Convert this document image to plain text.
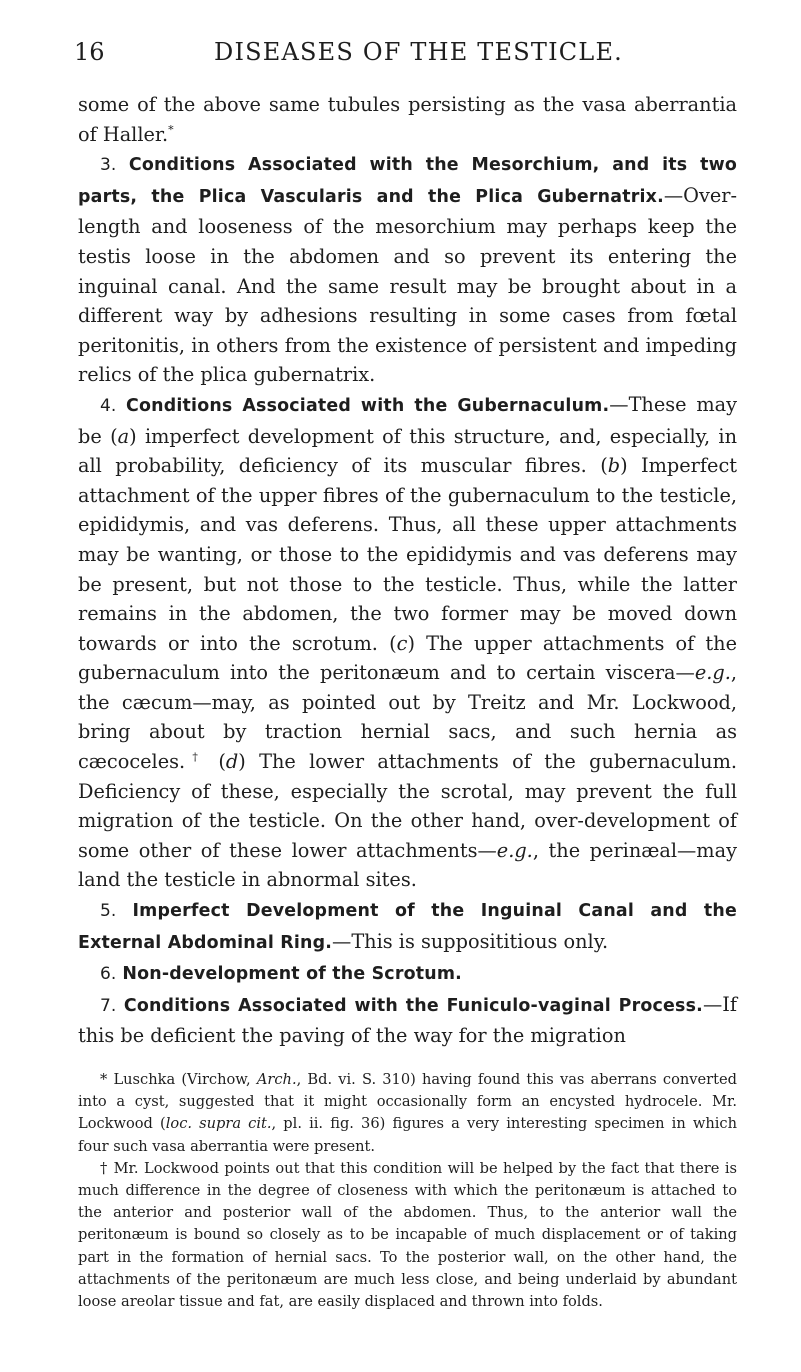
16	DISEASES OF THE TESTICLE.

some of the above same tubules persisting as the vasa aberrantia of Haller.*

3. Conditions Associated with the Mesorchium, and its two parts, the Plica Vascularis and the Plica Gubernatrix.—Over-length and looseness of the mesorchium may perhaps keep the testis loose in the abdomen and so prevent its entering the inguinal canal. And the same result may be brought about in a different way by adhesions resulting in some cases from fœtal peritonitis, in others from the existence of persistent and impeding relics of the plica gubernatrix.

4. Conditions Associated with the Gubernaculum.—These may be (a) imperfect development of this structure, and, especially, in all probability, deficiency of its muscular fibres. (b) Imperfect attachment of the upper fibres of the gubernaculum to the testicle, epididymis, and vas deferens. Thus, all these upper attachments may be wanting, or those to the epididymis and vas deferens may be present, but not those to the testicle. Thus, while the latter remains in the abdomen, the two former may be moved down towards or into the scrotum. (c) The upper attachments of the gubernaculum into the peritonæum and to certain viscera—e.g., the cæcum—may, as pointed out by Treitz and Mr. Lockwood, bring about by traction hernial sacs, and such hernia as cæcoceles.† (d) The lower attachments of the gubernaculum. Deficiency of these, especially the scrotal, may prevent the full migration of the testicle. On the other hand, over-development of some other of these lower attachments—e.g., the perinæal—may land the testicle in abnormal sites.

5. Imperfect Development of the Inguinal Canal and the External Abdominal Ring.—This is supposititious only.

6. Non-development of the Scrotum.

7. Conditions Associated with the Funiculo-vaginal Process.—If this be deficient the paving of the way for the migration

* Luschka (Virchow, Arch., Bd. vi. S. 310) having found this vas aberrans converted into a cyst, suggested that it might occasionally form an encysted hydrocele. Mr. Lockwood (loc. supra cit., pl. ii. fig. 36) figures a very interesting specimen in which four such vasa aberrantia were present.

† Mr. Lockwood points out that this condition will be helped by the fact that there is much difference in the degree of closeness with which the peritonæum is attached to the anterior and posterior wall of the abdomen. Thus, to the anterior wall the peritonæum is bound so closely as to be incapable of much displacement or of taking part in the formation of hernial sacs. To the posterior wall, on the other hand, the attachments of the peritonæum are much less close, and being underlaid by abundant loose areolar tissue and fat, are easily displaced and thrown into folds.
